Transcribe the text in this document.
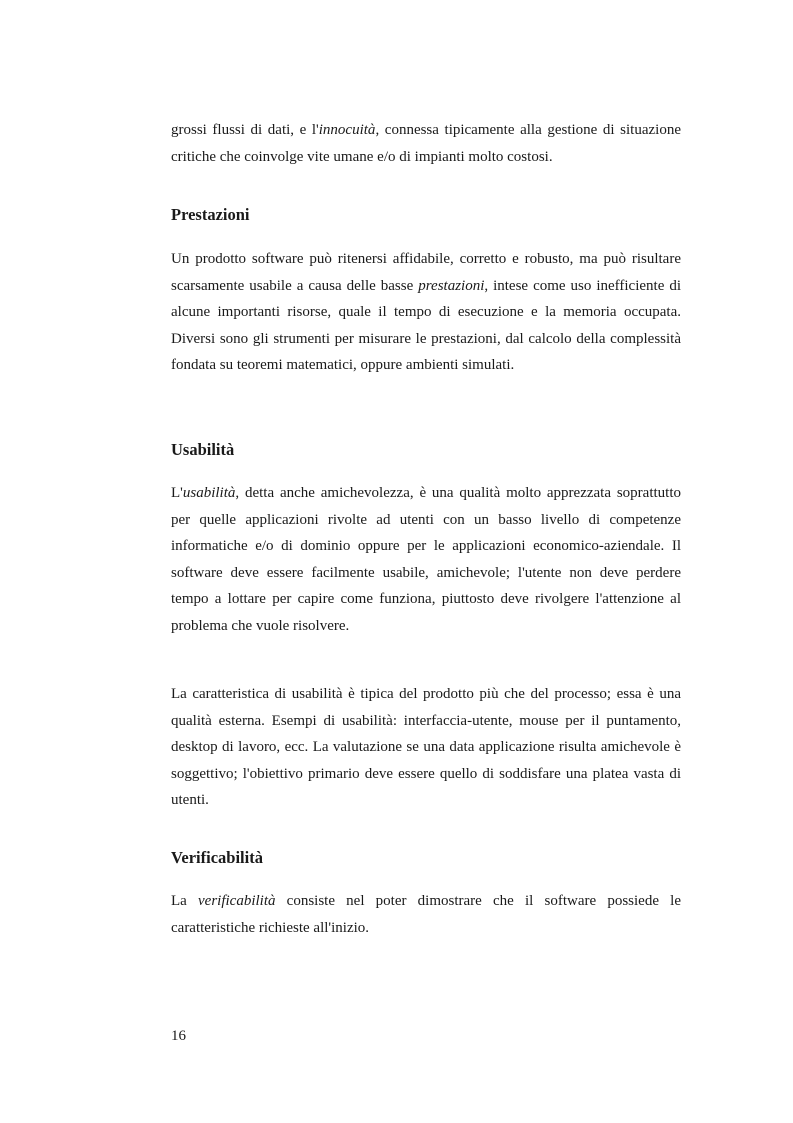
grossi flussi di dati, e l'innocuità, connessa tipicamente alla gestione di situazione critiche che coinvolge vite umane e/o di impianti molto costosi.

Prestazioni

Un prodotto software può ritenersi affidabile, corretto e robusto, ma può risultare scarsamente usabile a causa delle basse prestazioni, intese come uso inefficiente di alcune importanti risorse, quale il tempo di esecuzione e la memoria occupata. Diversi sono gli strumenti per misurare le prestazioni, dal calcolo della complessità fondata su teoremi matematici, oppure ambienti simulati.

Usabilità

L'usabilità, detta anche amichevolezza, è una qualità molto apprezzata soprattutto per quelle applicazioni rivolte ad utenti con un basso livello di competenze informatiche e/o di dominio oppure per le applicazioni economico-aziendale. Il software deve essere facilmente usabile, amichevole; l'utente non deve perdere tempo a lottare per capire come funziona, piuttosto deve rivolgere l'attenzione al problema che vuole risolvere.

La caratteristica di usabilità è tipica del prodotto più che del processo; essa è una qualità esterna. Esempi di usabilità: interfaccia-utente, mouse per il puntamento, desktop di lavoro, ecc. La valutazione se una data applicazione risulta amichevole è soggettivo; l'obiettivo primario deve essere quello di soddisfare una platea vasta di utenti.

Verificabilità

La verificabilità consiste nel poter dimostrare che il software possiede le caratteristiche richieste all'inizio.

16
